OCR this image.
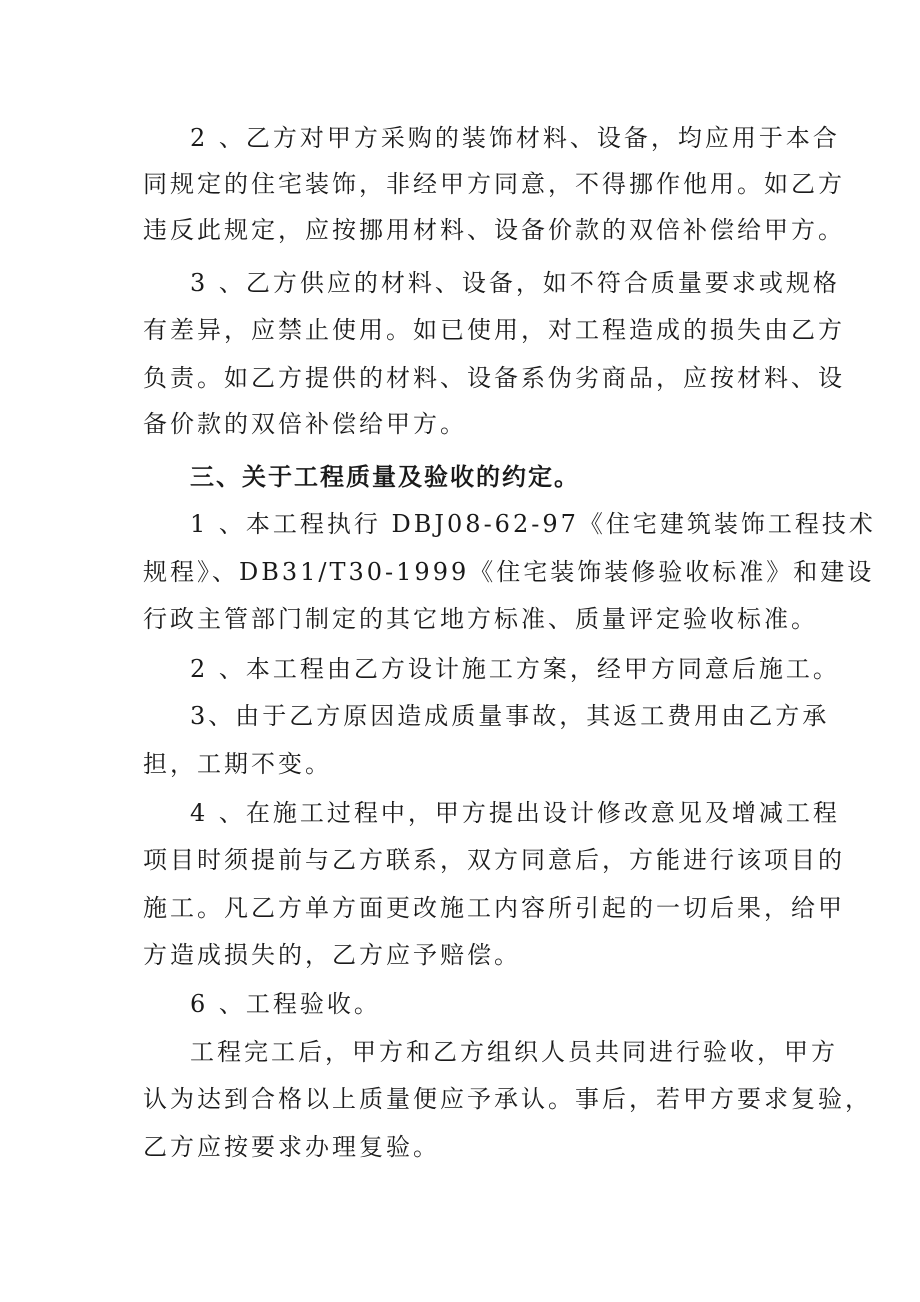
2 、乙方对甲方采购的装饰材料、设备，均应用于本合
同规定的住宅装饰，非经甲方同意，不得挪作他用。如乙方
违反此规定，应按挪用材料、设备价款的双倍补偿给甲方。
3 、乙方供应的材料、设备，如不符合质量要求或规格
有差异，应禁止使用。如已使用，对工程造成的损失由乙方
负责。如乙方提供的材料、设备系伪劣商品，应按材料、设
备价款的双倍补偿给甲方。
三、关于工程质量及验收的约定。
1 、本工程执行 DBJ08-62-97《住宅建筑装饰工程技术
规程》、DB31/T30-1999《住宅装饰装修验收标准》和建设
行政主管部门制定的其它地方标准、质量评定验收标准。
2 、本工程由乙方设计施工方案，经甲方同意后施工。
3、由于乙方原因造成质量事故，其返工费用由乙方承
担，工期不变。
4 、在施工过程中，甲方提出设计修改意见及增减工程
项目时须提前与乙方联系，双方同意后，方能进行该项目的
施工。凡乙方单方面更改施工内容所引起的一切后果，给甲
方造成损失的，乙方应予赔偿。
6 、工程验收。
工程完工后，甲方和乙方组织人员共同进行验收，甲方
认为达到合格以上质量便应予承认。事后，若甲方要求复验，
乙方应按要求办理复验。
